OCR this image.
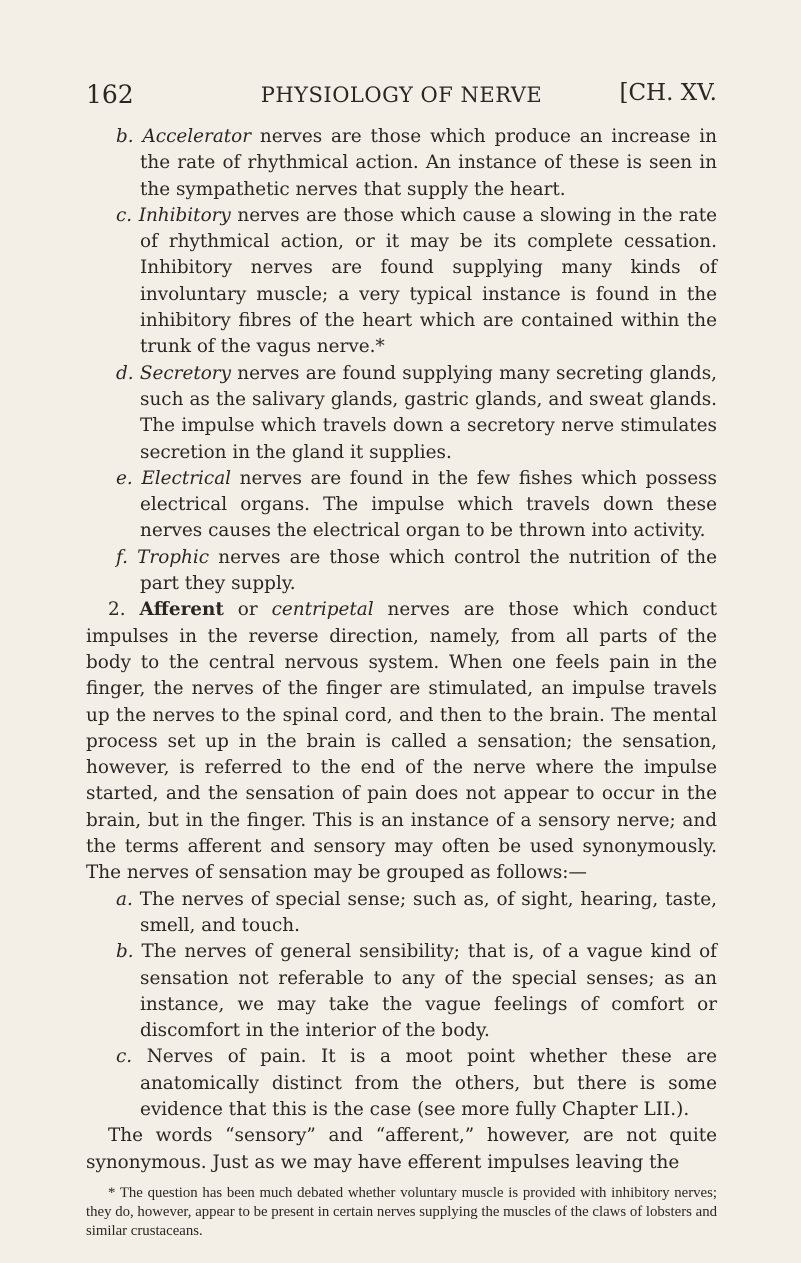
162	PHYSIOLOGY OF NERVE	[CH. XV.

b. Accelerator nerves are those which produce an increase in the rate of rhythmical action. An instance of these is seen in the sympathetic nerves that supply the heart.

c. Inhibitory nerves are those which cause a slowing in the rate of rhythmical action, or it may be its complete cessation. Inhibitory nerves are found supplying many kinds of involuntary muscle; a very typical instance is found in the inhibitory fibres of the heart which are contained within the trunk of the vagus nerve.*

d. Secretory nerves are found supplying many secreting glands, such as the salivary glands, gastric glands, and sweat glands. The impulse which travels down a secretory nerve stimulates secretion in the gland it supplies.

e. Electrical nerves are found in the few fishes which possess electrical organs. The impulse which travels down these nerves causes the electrical organ to be thrown into activity.

f. Trophic nerves are those which control the nutrition of the part they supply.

2. Afferent or centripetal nerves are those which conduct impulses in the reverse direction, namely, from all parts of the body to the central nervous system. When one feels pain in the finger, the nerves of the finger are stimulated, an impulse travels up the nerves to the spinal cord, and then to the brain. The mental process set up in the brain is called a sensation; the sensation, however, is referred to the end of the nerve where the impulse started, and the sensation of pain does not appear to occur in the brain, but in the finger. This is an instance of a sensory nerve; and the terms afferent and sensory may often be used synonymously. The nerves of sensation may be grouped as follows:—

a. The nerves of special sense; such as, of sight, hearing, taste, smell, and touch.

b. The nerves of general sensibility; that is, of a vague kind of sensation not referable to any of the special senses; as an instance, we may take the vague feelings of comfort or discomfort in the interior of the body.

c. Nerves of pain. It is a moot point whether these are anatomically distinct from the others, but there is some evidence that this is the case (see more fully Chapter LII.).

The words “sensory” and “afferent,” however, are not quite synonymous. Just as we may have efferent impulses leaving the

* The question has been much debated whether voluntary muscle is provided with inhibitory nerves; they do, however, appear to be present in certain nerves supplying the muscles of the claws of lobsters and similar crustaceans.
